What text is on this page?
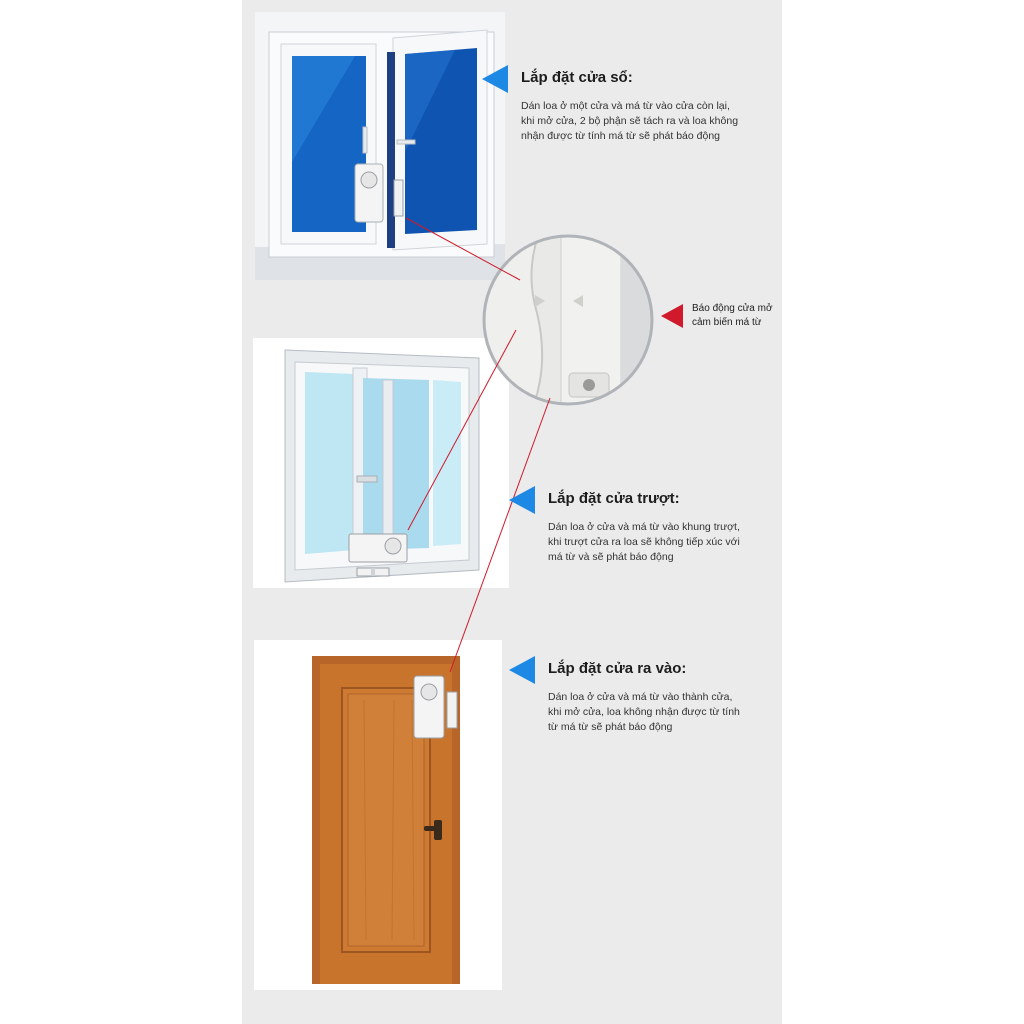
Lắp đặt cửa sổ:
Dán loa ở một cửa và má từ vào cửa còn lại,
khi mở cửa, 2 bộ phận sẽ tách ra và loa không
nhận được từ tính má từ sẽ phát báo động
Báo động cửa mở
cảm biến má từ
Lắp đặt cửa trượt:
Dán loa ở cửa và má từ vào khung trượt,
khi trượt cửa ra loa sẽ không tiếp xúc với
má từ và sẽ phát báo động
Lắp đặt cửa ra vào:
Dán loa ở cửa và má từ vào thành cửa,
khi mở cửa, loa không nhận được từ tính
từ má từ sẽ phát báo động
